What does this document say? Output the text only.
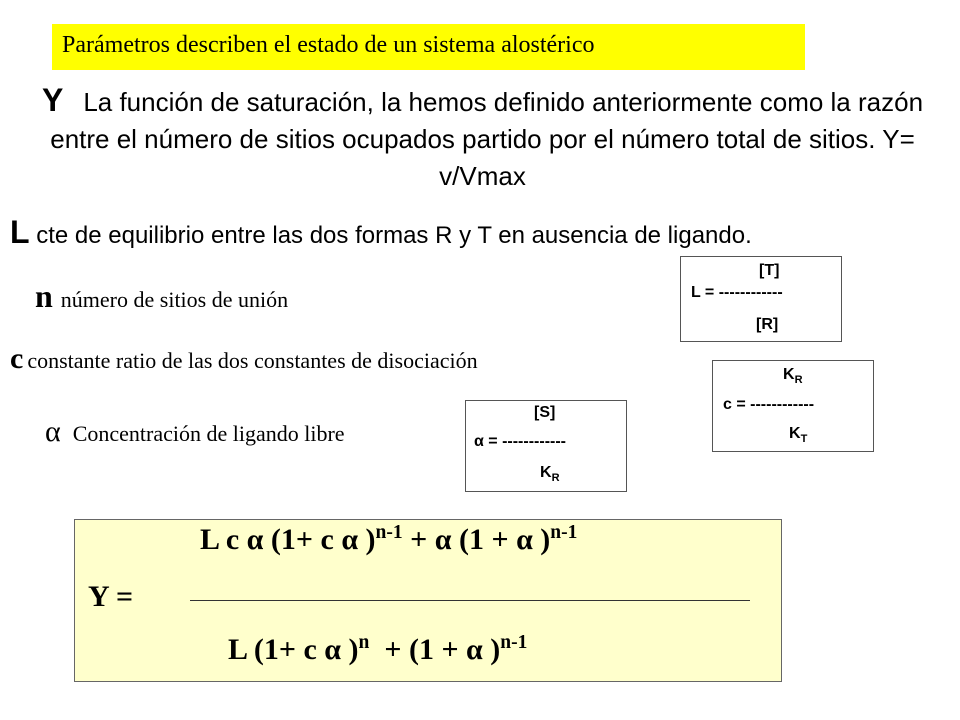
Parámetros describen el estado de un sistema alostérico
Y La función de saturación, la hemos definido anteriormente como la razón entre el número de sitios ocupados partido por el número total de sitios. Y= v/Vmax
L cte de equilibrio entre las dos formas R y T en ausencia de ligando.
n número de sitios de unión
c constante ratio de las dos constantes de disociación
α Concentración de ligando libre
[T]
L = ------------
[R]
$K_R$
c = ------------
$K_T$
[S]
α = ------------
$K_R$
L c α (1+ c α )$^{n-1}$ + α (1 + α )$^{n-1}$
Y =
L (1+ c α )$^n$  + (1 + α )$^{n-1}$
